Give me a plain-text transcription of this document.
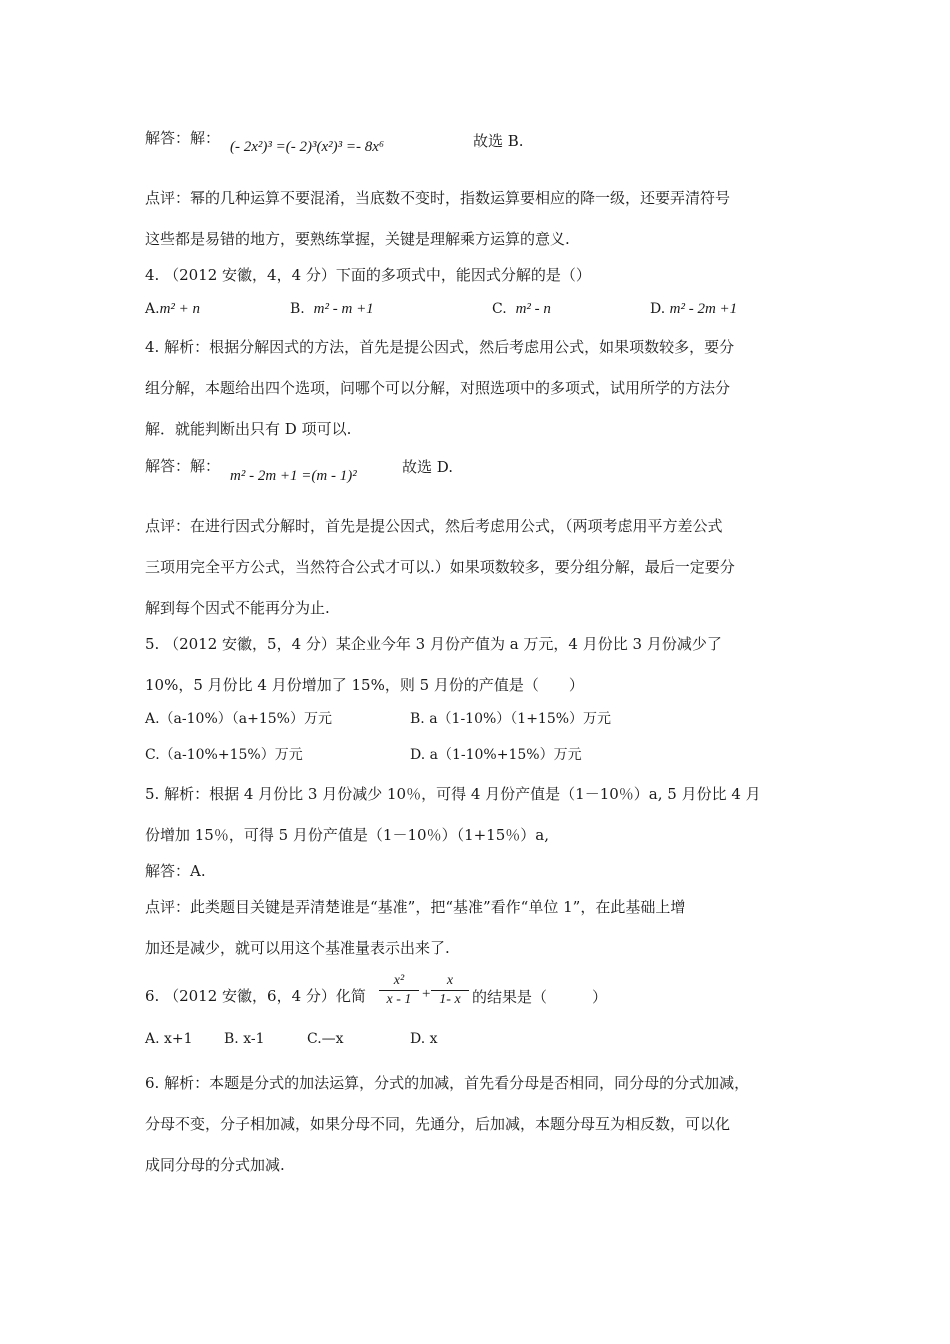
解答：解： (- 2x²)³ =(- 2)³(x²)³ =- 8x⁶	故选 B.
点评：幂的几种运算不要混淆，当底数不变时，指数运算要相应的降一级，还要弄清符号
这些都是易错的地方，要熟练掌握，关键是理解乘方运算的意义.
4. （2012 安徽，4，4 分）下面的多项式中，能因式分解的是（）
A.m² + n	B. m² - m +1	C. m² - n	D. m² - 2m +1
4. 解析：根据分解因式的方法，首先是提公因式，然后考虑用公式，如果项数较多，要分
组分解，本题给出四个选项，问哪个可以分解，对照选项中的多项式，试用所学的方法分
解．就能判断出只有 D 项可以.
解答：解：
m² - 2m +1 =(m - 1)²	故选 D.
点评：在进行因式分解时，首先是提公因式，然后考虑用公式，（两项考虑用平方差公式
三项用完全平方公式，当然符合公式才可以.）如果项数较多，要分组分解，最后一定要分
解到每个因式不能再分为止.
5. （2012 安徽，5，4 分）某企业今年 3 月份产值为 a 万元，4 月份比 3 月份减少了
10%，5 月份比 4 月份增加了 15%，则 5 月份的产值是（　　）
A.（a-10%）（a+15%）万元	B. a（1-10%）（1+15%）万元
C.（a-10%+15%）万元	D. a（1-10%+15%）万元
5. 解析：根据 4 月份比 3 月份减少 10％，可得 4 月份产值是（1－10％）a, 5 月份比 4 月
份增加 15％，可得 5 月份产值是（1－10％）（1+15％）a,
解答：A.
点评：此类题目关键是弄清楚谁是“基准”，把“基准”看作“单位 1”，在此基础上增
加还是减少，就可以用这个基准量表示出来了.
6. （2012 安徽，6，4 分）化简
x²
x - 1 +
x
1- x 的结果是（　　　）
A. x+1 B. x-1	C.—x	D. x
6. 解析：本题是分式的加法运算，分式的加减，首先看分母是否相同，同分母的分式加减，
分母不变，分子相加减，如果分母不同，先通分，后加减，本题分母互为相反数，可以化
成同分母的分式加减.
